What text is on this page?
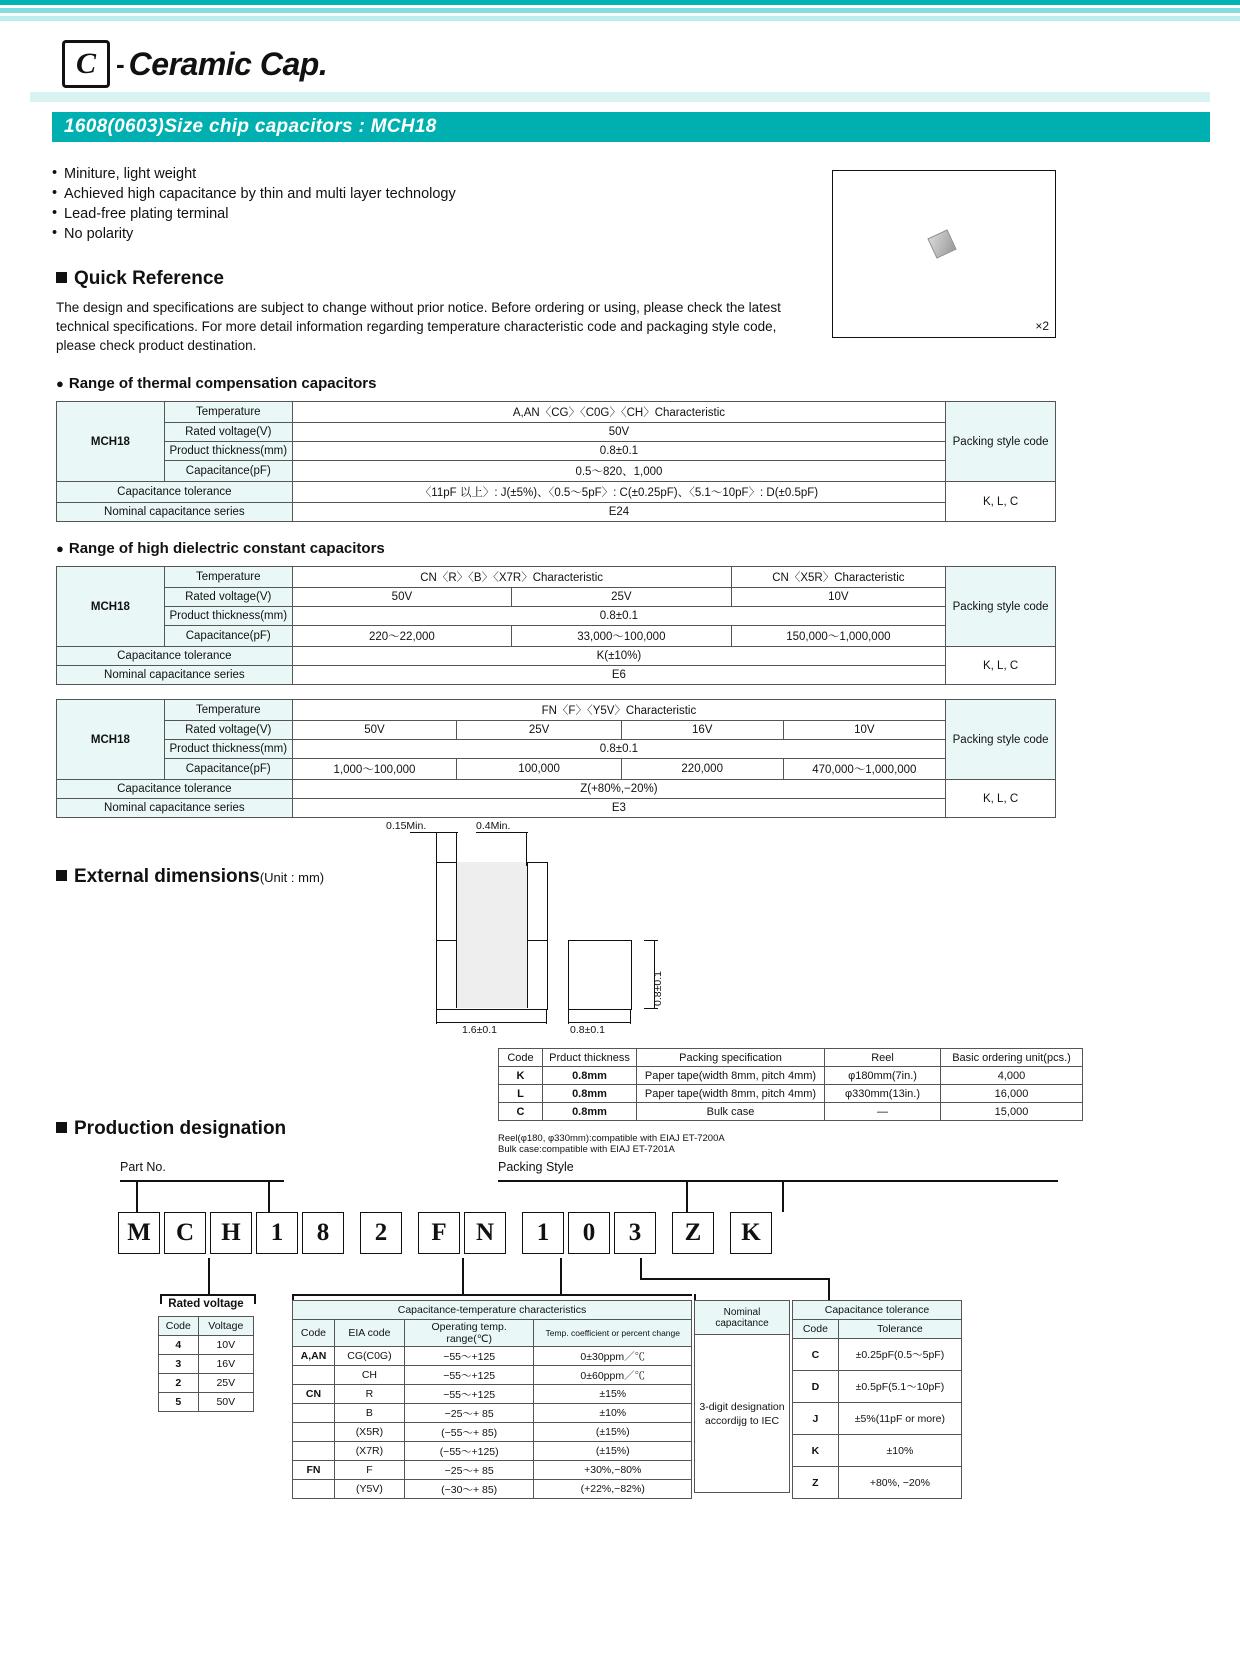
C - Ceramic Cap.
1608(0603)Size chip capacitors : MCH18
• Miniture, light weight
• Achieved high capacitance by thin and multi layer technology
• Lead-free plating terminal
• No polarity
Quick Reference
The design and specifications are subject to change without prior notice. Before ordering or using, please check the latest technical specifications. For more detail information regarding temperature characteristic code and packaging style code, please check product destination.
×2
● Range of thermal compensation capacitors
MCH18	Temperature	A,AN〈CG〉〈C0G〉〈CH〉Characteristic	Packing style code
	Rated voltage(V)	50V	
	Product thickness(mm)	0.8±0.1	
	Capacitance(pF)	0.5〜820、1,000	
Capacitance tolerance		〈11pF 以上〉: J(±5%)、〈0.5〜5pF〉: C(±0.25pF)、〈5.1〜10pF〉: D(±0.5pF)	K, L, C
Nominal capacitance series		E24	
● Range of high dielectric constant capacitors
MCH18	Temperature	CN〈R〉〈B〉〈X7R〉Characteristic		CN〈X5R〉Characteristic	Packing style code
	Rated voltage(V)	50V	25V	10V	
	Product thickness(mm)	0.8±0.1			
	Capacitance(pF)	220〜22,000	33,000〜100,000	150,000〜1,000,000	
Capacitance tolerance		K(±10%)			K, L, C
Nominal capacitance series		E6			
MCH18	Temperature	FN〈F〉〈Y5V〉Characteristic				Packing style code
	Rated voltage(V)	50V	25V	16V	10V	
	Product thickness(mm)	0.8±0.1				
	Capacitance(pF)	1,000〜100,000	100,000	220,000	470,000〜1,000,000	
Capacitance tolerance		Z(+80%,−20%)				K, L, C
Nominal capacitance series		E3				
External dimensions(Unit : mm)
0.15Min.	0.4Min.
1.6±0.1	0.8±0.1
0.8±0.1
Code	Prduct thickness	Packing specification	Reel	Basic ordering unit(pcs.)
K	0.8mm	Paper tape(width 8mm, pitch 4mm)	φ180mm(7in.)	4,000
L	0.8mm	Paper tape(width 8mm, pitch 4mm)	φ330mm(13in.)	16,000
C	0.8mm	Bulk case	—	15,000
Reel(φ180, φ330mm):compatible with EIAJ ET-7200A
Bulk case:compatible with EIAJ ET-7201A
Production designation
Part No.	Packing Style
M	C	H	1	8	2	F	N	1	0	3	Z	K
Rated voltage
Code	Voltage
4	10V
3	16V
2	25V
5	50V
Capacitance-temperature characteristics			
Code	EIA code	Operating temp. range(℃)	Temp. coefficient or percent change
A,AN	CG(C0G)	−55〜+125	0±30ppm／℃
	CH	−55〜+125	0±60ppm／℃
CN	R	−55〜+125	±15%
	B	−25〜+ 85	±10%
	(X5R)	(−55〜+ 85)	(±15%)
	(X7R)	(−55〜+125)	(±15%)
FN	F	−25〜+ 85	+30%,−80%
	(Y5V)	(−30〜+ 85)	(+22%,−82%)
Nominal capacitance
3-digit designation accordijg to IEC
Capacitance tolerance	
Code	Tolerance
C	±0.25pF(0.5〜5pF)
D	±0.5pF(5.1〜10pF)
J	±5%(11pF or more)
K	±10%
Z	+80%, −20%
